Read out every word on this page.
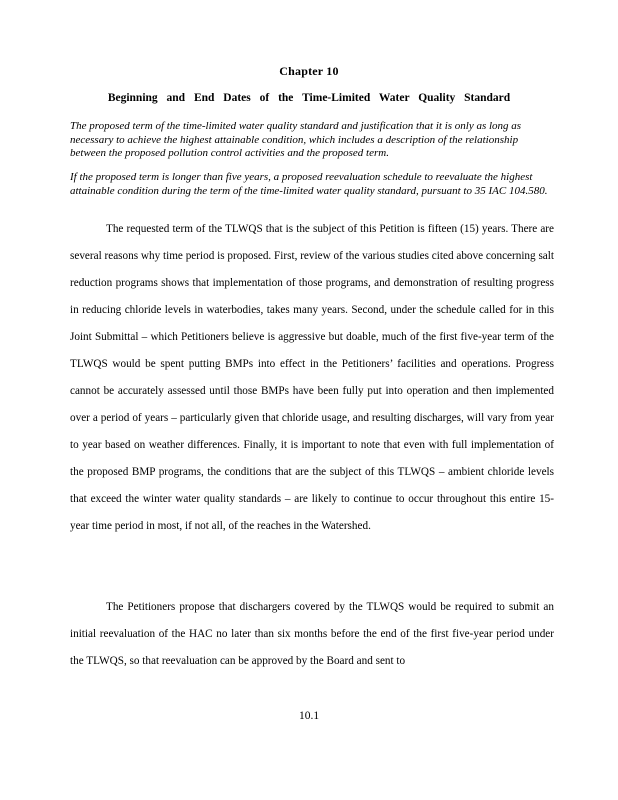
Chapter 10
Beginning and End Dates of the Time-Limited Water Quality Standard
The proposed term of the time-limited water quality standard and justification that it is only as long as necessary to achieve the highest attainable condition, which includes a description of the relationship between the proposed pollution control activities and the proposed term.
If the proposed term is longer than five years, a proposed reevaluation schedule to reevaluate the highest attainable condition during the term of the time-limited water quality standard, pursuant to 35 IAC 104.580.
The requested term of the TLWQS that is the subject of this Petition is fifteen (15) years. There are several reasons why time period is proposed. First, review of the various studies cited above concerning salt reduction programs shows that implementation of those programs, and demonstration of resulting progress in reducing chloride levels in waterbodies, takes many years. Second, under the schedule called for in this Joint Submittal – which Petitioners believe is aggressive but doable, much of the first five-year term of the TLWQS would be spent putting BMPs into effect in the Petitioners’ facilities and operations. Progress cannot be accurately assessed until those BMPs have been fully put into operation and then implemented over a period of years – particularly given that chloride usage, and resulting discharges, will vary from year to year based on weather differences. Finally, it is important to note that even with full implementation of the proposed BMP programs, the conditions that are the subject of this TLWQS – ambient chloride levels that exceed the winter water quality standards – are likely to continue to occur throughout this entire 15-year time period in most, if not all, of the reaches in the Watershed.
The Petitioners propose that dischargers covered by the TLWQS would be required to submit an initial reevaluation of the HAC no later than six months before the end of the first five-year period under the TLWQS, so that reevaluation can be approved by the Board and sent to
10.1
